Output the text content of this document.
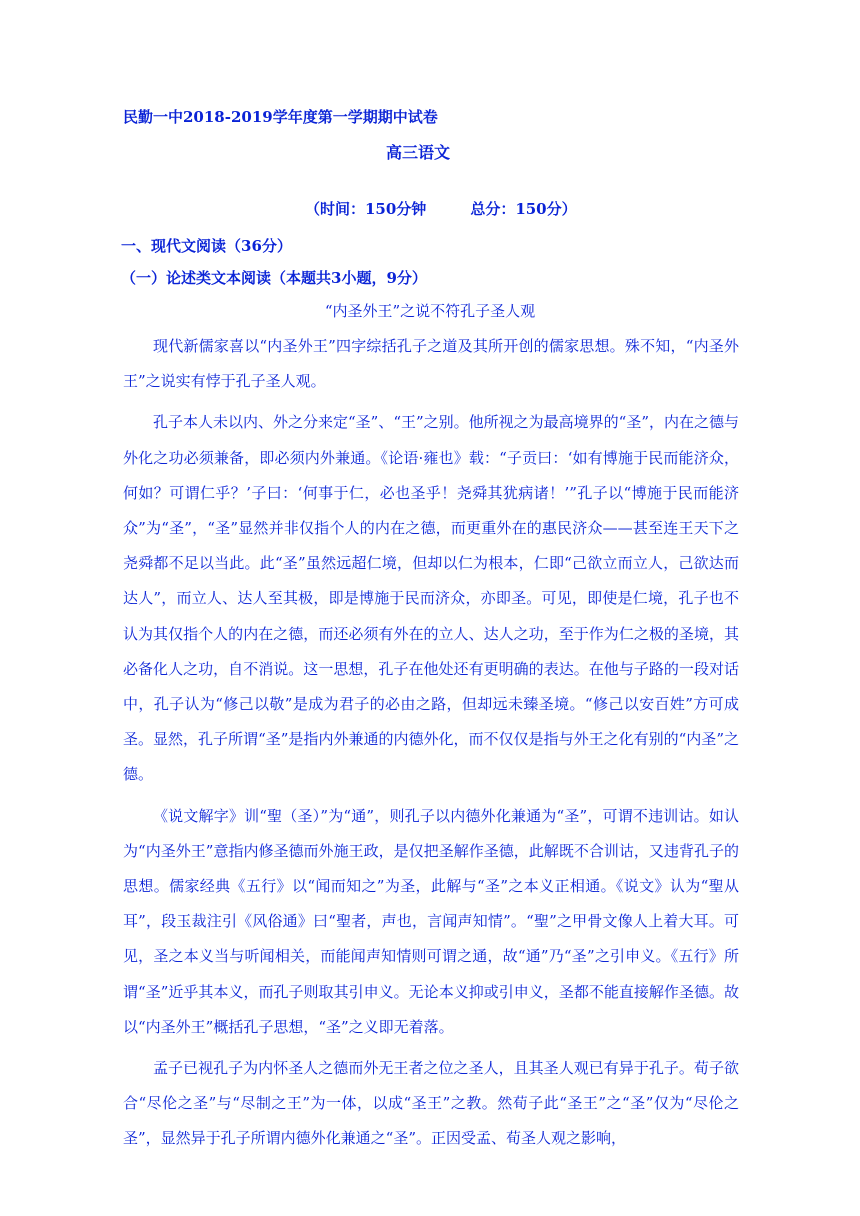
民勤一中2018-2019学年度第一学期期中试卷
高三语文
（时间：150分钟	总分：150分）
一、现代文阅读（36分）
（一）论述类文本阅读（本题共3小题，9分）
“内圣外王”之说不符孔子圣人观

现代新儒家喜以“内圣外王”四字综括孔子之道及其所开创的儒家思想。殊不知，“内圣外王”之说实有悖于孔子圣人观。

孔子本人未以内、外之分来定“圣”、“王”之别。他所视之为最高境界的“圣”，内在之德与外化之功必须兼备，即必须内外兼通。《论语·雍也》载：“子贡曰：‘如有博施于民而能济众，何如？可谓仁乎？’子曰：‘何事于仁，必也圣乎！尧舜其犹病诸！’”孔子以“博施于民而能济众”为“圣”，“圣”显然并非仅指个人的内在之德，而更重外在的惠民济众——甚至连王天下之尧舜都不足以当此。此“圣”虽然远超仁境，但却以仁为根本，仁即“己欲立而立人，己欲达而达人”，而立人、达人至其极，即是博施于民而济众，亦即圣。可见，即使是仁境，孔子也不认为其仅指个人的内在之德，而还必须有外在的立人、达人之功，至于作为仁之极的圣境，其必备化人之功，自不消说。这一思想，孔子在他处还有更明确的表达。在他与子路的一段对话中，孔子认为“修己以敬”是成为君子的必由之路，但却远未臻圣境。“修己以安百姓”方可成圣。显然，孔子所谓“圣”是指内外兼通的内德外化，而不仅仅是指与外王之化有别的“内圣”之德。

《说文解字》训“聖（圣）”为“通”，则孔子以内德外化兼通为“圣”，可谓不违训诂。如认为“内圣外王”意指内修圣德而外施王政，是仅把圣解作圣德，此解既不合训诂，又违背孔子的思想。儒家经典《五行》以“闻而知之”为圣，此解与“圣”之本义正相通。《说文》认为“聖从耳”，段玉裁注引《风俗通》曰“聖者，声也，言闻声知情”。“聖”之甲骨文像人上着大耳。可见，圣之本义当与听闻相关，而能闻声知情则可谓之通，故“通”乃“圣”之引申义。《五行》所谓“圣”近乎其本义，而孔子则取其引申义。无论本义抑或引申义，圣都不能直接解作圣德。故以“内圣外王”概括孔子思想，“圣”之义即无着落。

孟子已视孔子为内怀圣人之德而外无王者之位之圣人，且其圣人观已有异于孔子。荀子欲合“尽伦之圣”与“尽制之王”为一体，以成“圣王”之教。然荀子此“圣王”之“圣”仅为“尽伦之圣”，显然异于孔子所谓内德外化兼通之“圣”。正因受孟、荀圣人观之影响，
